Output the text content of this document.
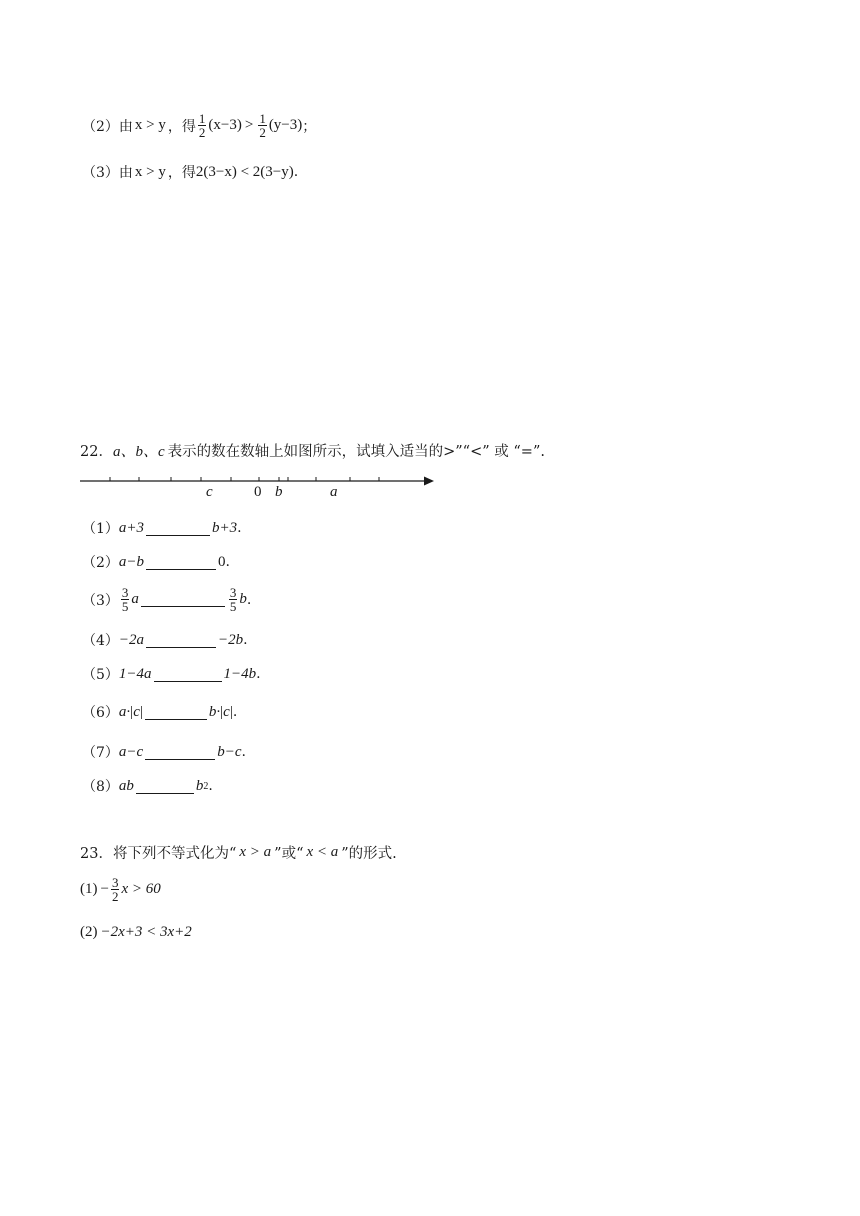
（2）由 x > y ，得 $\frac{1}{2} (x-3) > \frac{1}{2} (y-3)$ ；
（3）由 x > y ，得 2(3−x) < 2(3−y) .
22． a、b、c 表示的数在数轴上如图所示，试填入适当的>”“<” 或 “=”.
c	0 b	a
（1） a+3	b+3 .
（2） a−b	0 .
$(3) \frac{3}{5}$ a	$\frac{3}{5}$ b .
（4） −2a	−2b .
（5） 1−4a	1−4b .
（6） a· | c |	b· | c | .
（7） a−c	b−c .
（8） ab	b 2 .
23． 将下列不等式化为“ x > a ”或“ x < a ”的形式.
$(1) - \frac{3}{2}$ x > 60
(2) −2x+3 < 3x+2
